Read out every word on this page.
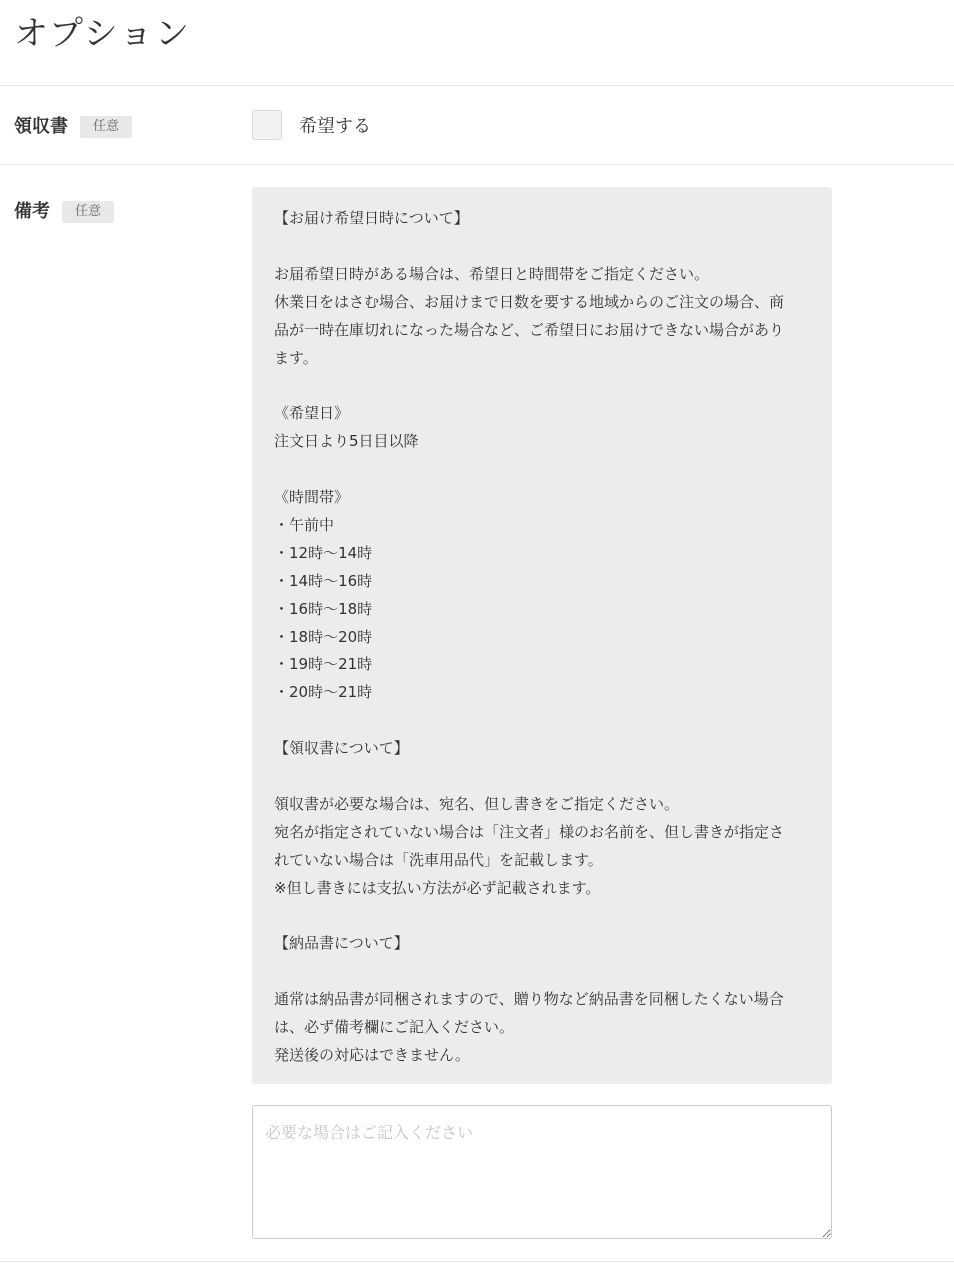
オプション
領収書	任意	希望する
備考	任意	【お届け希望日時について】
お届希望日時がある場合は、希望日と時間帯をご指定ください。
休業日をはさむ場合、お届けまで日数を要する地域からのご注文の場合、商
品が一時在庫切れになった場合など、ご希望日にお届けできない場合があり
ます。
《希望日》
注文日より5日目以降
《時間帯》
・午前中
・12時〜14時
・14時〜16時
・16時〜18時
・18時〜20時
・19時〜21時
・20時〜21時
【領収書について】
領収書が必要な場合は、宛名、但し書きをご指定ください。
宛名が指定されていない場合は「注文者」様のお名前を、但し書きが指定さ
れていない場合は「洗車用品代」を記載します。
※但し書きには支払い方法が必ず記載されます。
【納品書について】
通常は納品書が同梱されますので、贈り物など納品書を同梱したくない場合
は、必ず備考欄にご記入ください。
発送後の対応はできません。
必要な場合はご記入ください
